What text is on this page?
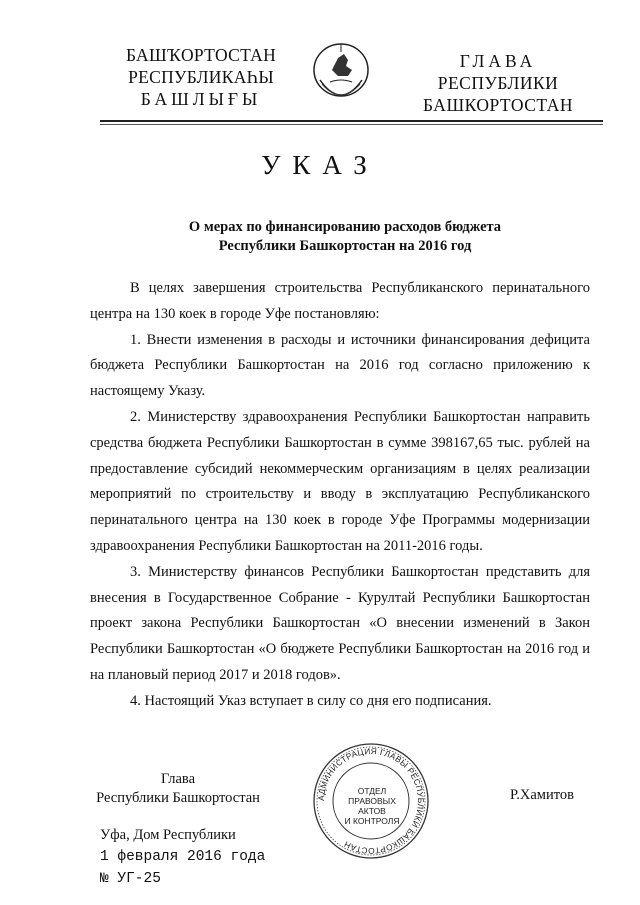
БАШҠОРТОСТАН
РЕСПУБЛИКАҺЫ
БАШЛЫҒЫ
ГЛАВА
РЕСПУБЛИКИ
БАШКОРТОСТАН
УКАЗ
О мерах по финансированию расходов бюджета
Республики Башкортостан на 2016 год

В целях завершения строительства Республиканского перинатального центра на 130 коек в городе Уфе постановляю:

1. Внести изменения в расходы и источники финансирования дефицита бюджета Республики Башкортостан на 2016 год согласно приложению к настоящему Указу.

2. Министерству здравоохранения Республики Башкортостан направить средства бюджета Республики Башкортостан в сумме 398167,65 тыс. рублей на предоставление субсидий некоммерческим организациям в целях реализации мероприятий по строительству и вводу в эксплуатацию Республиканского перинатального центра на 130 коек в городе Уфе Программы модернизации здравоохранения Республики Башкортостан на 2011-2016 годы.

3. Министерству финансов Республики Башкортостан представить для внесения в Государственное Собрание - Курултай Республики Башкортостан проект закона Республики Башкортостан «О внесении изменений в Закон Республики Башкортостан «О бюджете Республики Башкортостан на 2016 год и на плановый период 2017 и 2018 годов».

4. Настоящий Указ вступает в силу со дня его подписания.

Глава
Республики Башкортостан	АДМИНИСТРАЦИЯ ГЛАВЫ РЕСПУБЛИКИ БАШКОРТОСТАН
ОТДЕЛ
ПРАВОВЫХ АКТОВ
И КОНТРОЛЯ
Р.Хамитов
Уфа, Дом Республики
1 февраля 2016 года
№ УГ-25
